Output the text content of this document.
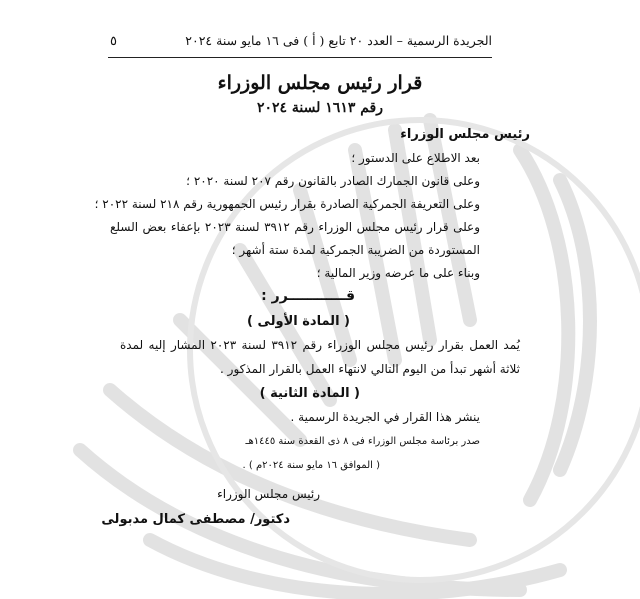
٥	الجريدة الرسمية – العدد ٢٠ تابع ( أ ) فى ١٦ مايو سنة ٢٠٢٤
قرار رئيس مجلس الوزراء
رقم ١٦١٣ لسنة ٢٠٢٤
رئيس مجلس الوزراء
بعد الاطلاع على الدستور ؛
وعلى قانون الجمارك الصادر بالقانون رقم ٢٠٧ لسنة ٢٠٢٠ ؛
وعلى التعريفة الجمركية الصادرة بقرار رئيس الجمهورية رقم ٢١٨ لسنة ٢٠٢٢ ؛
وعلى قرار رئيس مجلس الوزراء رقم ٣٩١٢ لسنة ٢٠٢٣ بإعفاء بعض السلع
المستوردة من الضريبة الجمركية لمدة ستة أشهر ؛
وبناء على ما عرضه وزير المالية ؛
قــــــــــــرر :
( المادة الأولى )
يُمد العمل بقرار رئيس مجلس الوزراء رقم ٣٩١٢ لسنة ٢٠٢٣ المشار إليه لمدة
ثلاثة أشهر تبدأ من اليوم التالي لانتهاء العمل بالقرار المذكور .
( المادة الثانية )
ينشر هذا القرار في الجريدة الرسمية .
صدر برئاسة مجلس الوزراء فى ٨ ذى القعدة سنة ١٤٤٥هـ
( الموافق ١٦ مايو سنة ٢٠٢٤م ) .
رئيس مجلس الوزراء
دكتور/ مصطفى كمال مدبولى
